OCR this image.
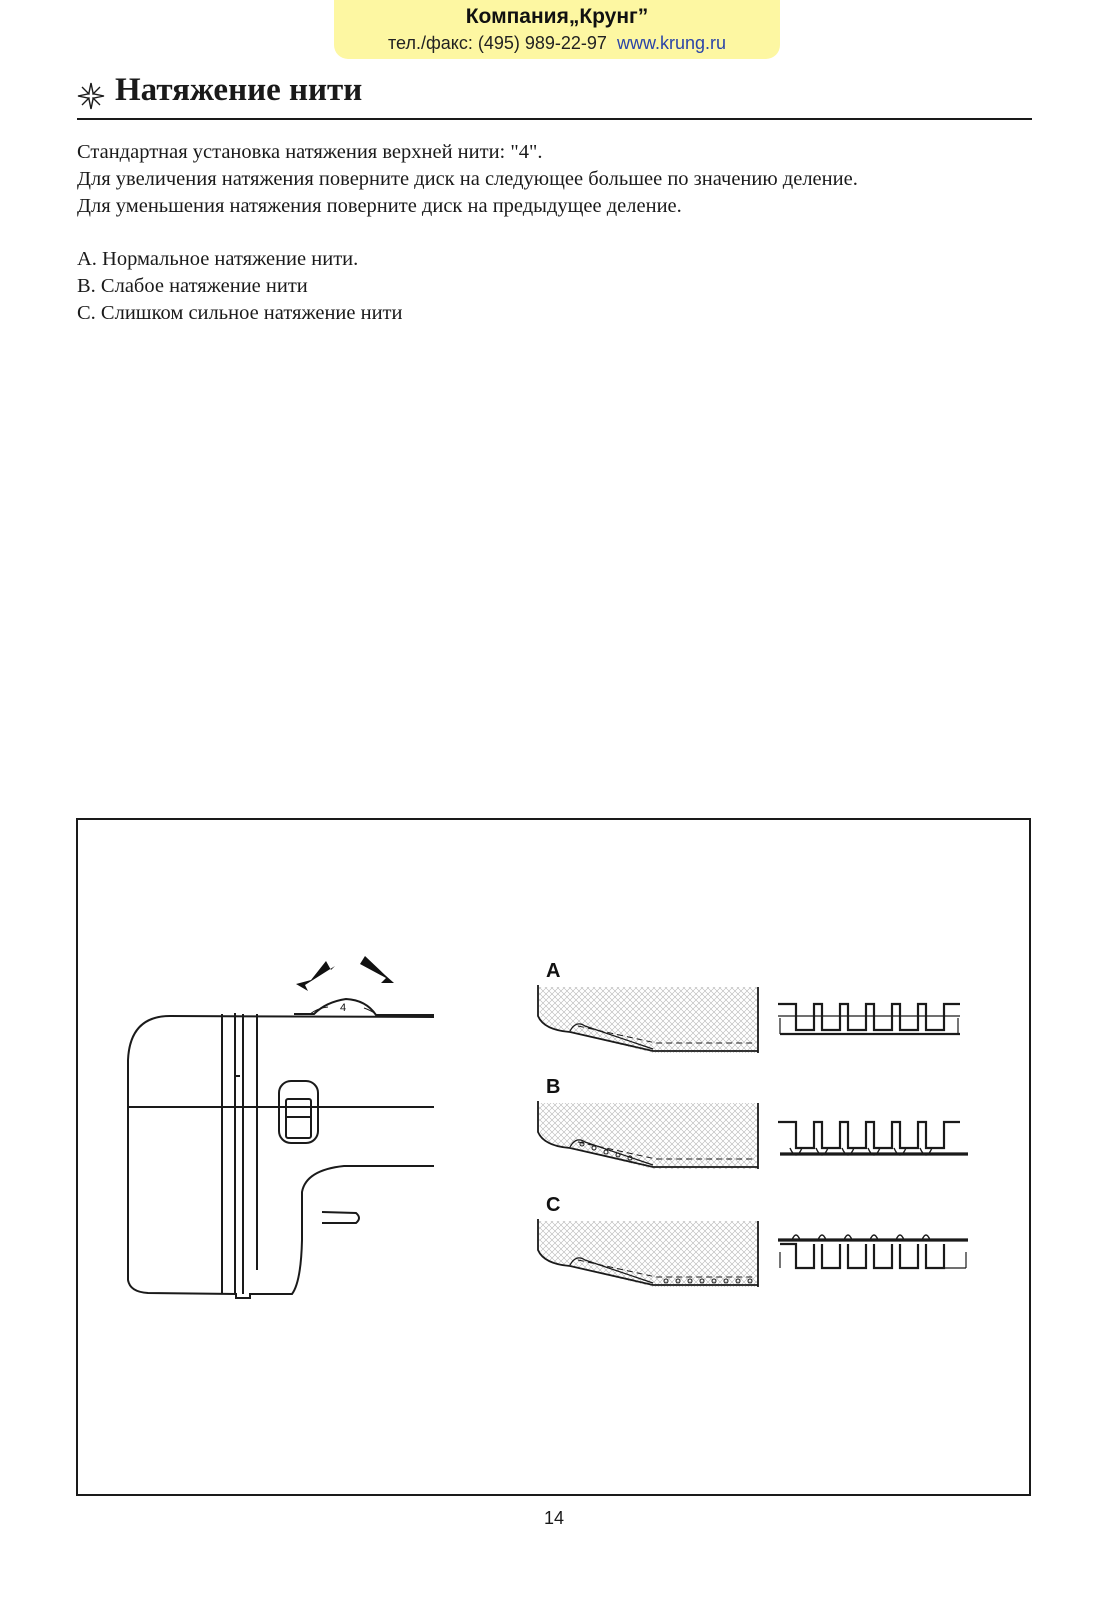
Компания„Крунг”
тел./факс: (495) 989-22-97 www.krung.ru
Натяжение нити
Стандартная установка натяжения верхней нити: "4".
Для увеличения натяжения поверните диск на следующее большее по значению деление.
Для уменьшения натяжения поверните диск на предыдущее деление.
A. Нормальное натяжение нити.
B. Слабое натяжение нити
C. Слишком сильное натяжение нити
4
A
B
C
14
